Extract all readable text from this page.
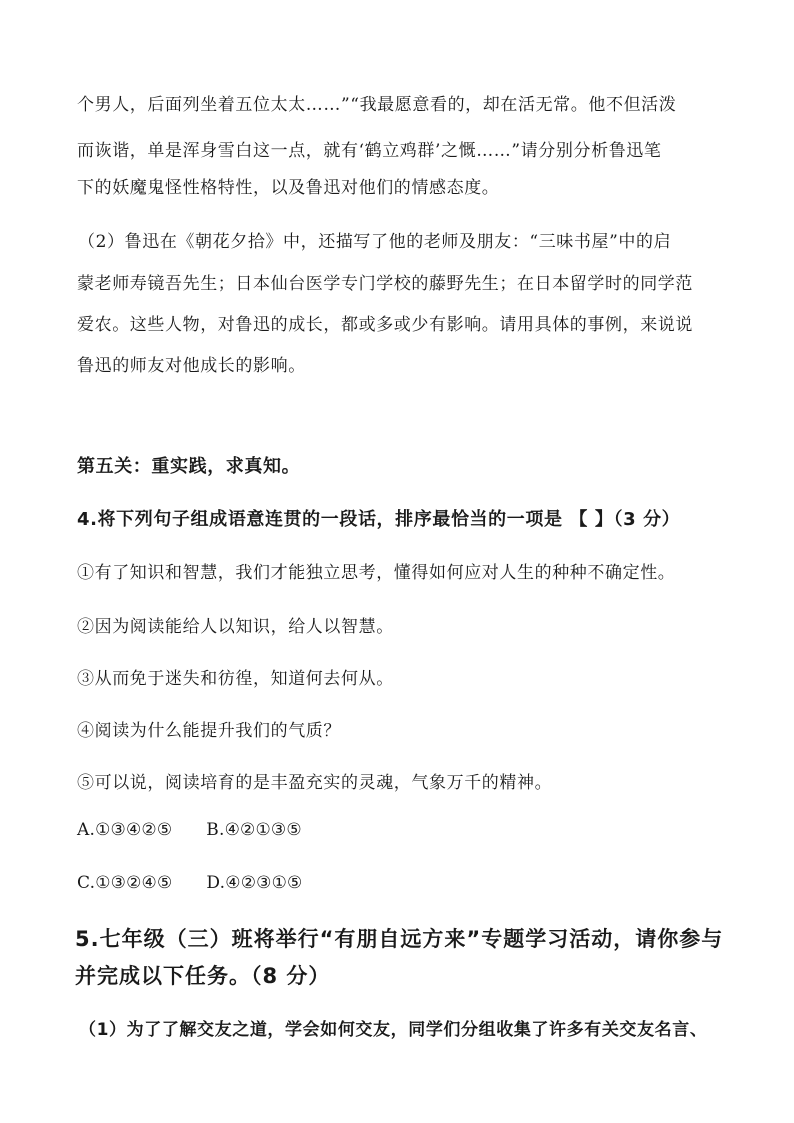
个男人，后面列坐着五位太太……”“我最愿意看的，却在活无常。他不但活泼
而诙谐，单是浑身雪白这一点，就有‘鹤立鸡群’之慨……”请分别分析鲁迅笔
下的妖魔鬼怪性格特性，以及鲁迅对他们的情感态度。
（2）鲁迅在《朝花夕拾》中，还描写了他的老师及朋友：“三味书屋”中的启
蒙老师寿镜吾先生；日本仙台医学专门学校的藤野先生；在日本留学时的同学范
爱农。这些人物，对鲁迅的成长，都或多或少有影响。请用具体的事例，来说说
鲁迅的师友对他成长的影响。
第五关：重实践，求真知。
4.将下列句子组成语意连贯的一段话，排序最恰当的一项是 【 】（3 分）
①有了知识和智慧，我们才能独立思考，懂得如何应对人生的种种不确定性。
②因为阅读能给人以知识，给人以智慧。
③从而免于迷失和彷徨，知道何去何从。
④阅读为什么能提升我们的气质？
⑤可以说，阅读培育的是丰盈充实的灵魂，气象万千的精神。
A.①③④②⑤ B.④②①③⑤
C.①③②④⑤ D.④②③①⑤
5.七年级（三）班将举行“有朋自远方来”专题学习活动，请你参与
并完成以下任务。（8 分）
（1）为了了解交友之道，学会如何交友，同学们分组收集了许多有关交友名言、
